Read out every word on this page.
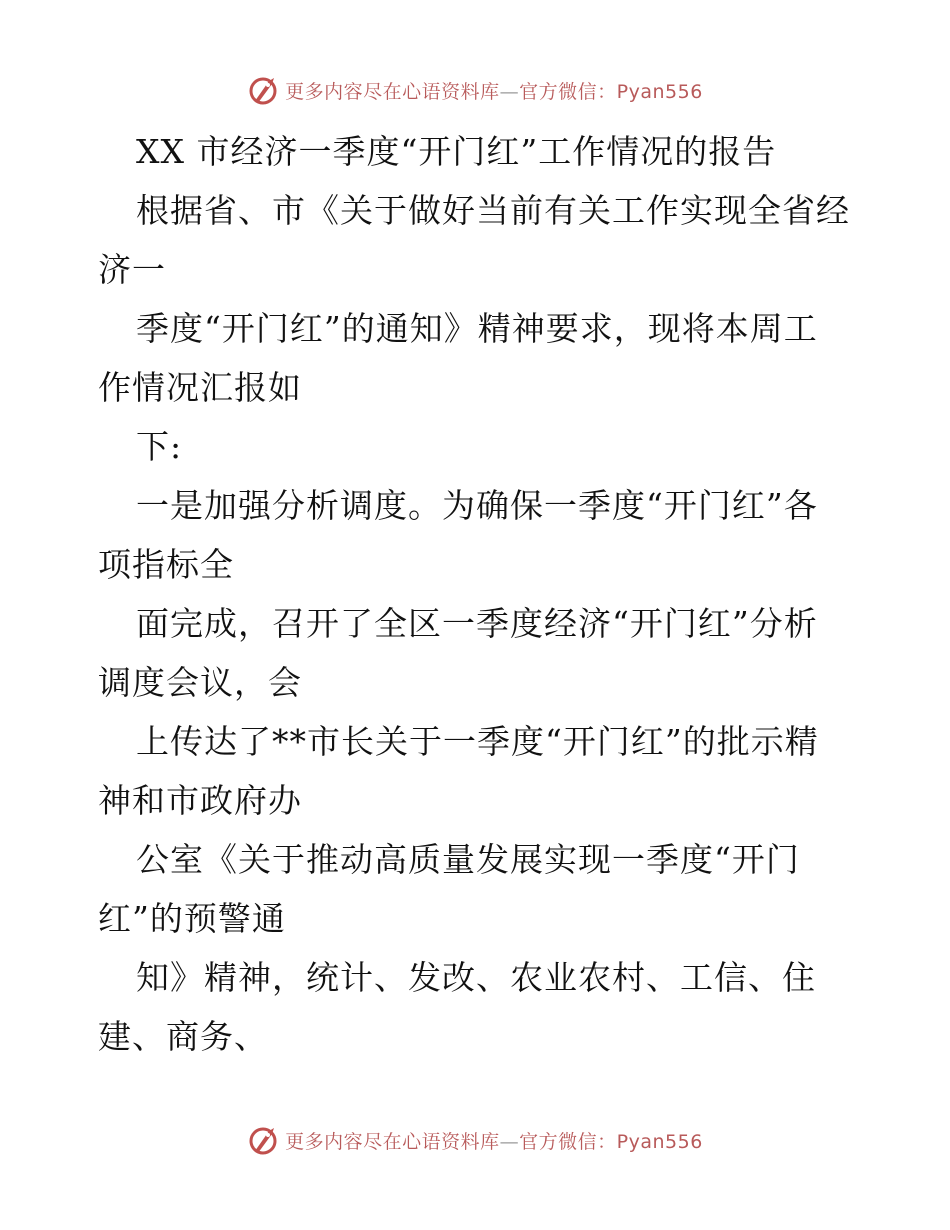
更多内容尽在心语资料库—官方微信：Pyan556
XX 市经济一季度“开门红”工作情况的报告
根据省、市《关于做好当前有关工作实现全省经
济一
季度“开门红”的通知》精神要求，现将本周工
作情况汇报如
下:
一是加强分析调度。为确保一季度“开门红”各
项指标全
面完成，召开了全区一季度经济“开门红”分析
调度会议，会
上传达了**市长关于一季度“开门红”的批示精
神和市政府办
公室《关于推动高质量发展实现一季度“开门
红”的预警通
知》精神，统计、发改、农业农村、工信、住
建、商务、
更多内容尽在心语资料库—官方微信：Pyan556
